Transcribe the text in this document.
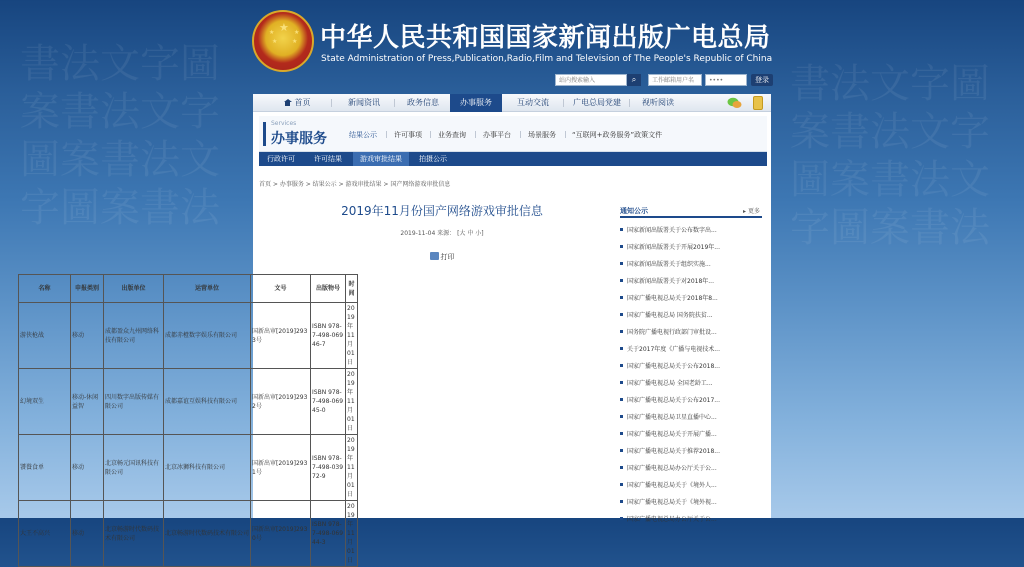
書法文字圖案書法文字圖案書法文字圖案書法
書法文字圖案書法文字圖案書法文字圖案書法
★
★	★
★ ★ 中华人民共和国国家新闻出版广电总局
State Administration of Press,Publication,Radio,Film and Television of The People's Republic of China
站内搜索输入	⌕	工作邮箱用户名	••••	登录
首页	新闻资讯	政务信息	办事服务	互动交流	广电总局党建	视听阅读
Services
办事服务	结果公示 许可事项 业务查询 办事平台 场景服务 “互联网+政务服务”政策文件
行政许可	许可结果	游戏审批结果	拍摄公示
首页 > 办事服务 > 结果公示 > 游戏审批结果 > 国产网络游戏审批信息
2019年11月份国产网络游戏审批信息
2019-11-04 来源： [大 中 小]
打印
通知公示	▸ 更多
国家新闻出版署关于公布数字出...
国家新闻出版署关于开展2019年...
国家新闻出版署关于组织实施...
国家新闻出版署关于对2018年...
国家广播电视总局关于2018年8...
国家广播电视总局 国务院扶贫...
国务院广播电视行政部门审批设...
关于2017年度《广播与电视技术...
国家广播电视总局关于公布2018...
国家广播电视总局 全国老龄工...
国家广播电视总局关于公布2017...
国家广播电视总局卫星直播中心...
国家广播电视总局关于开展广播...
国家广播电视总局关于推荐2018...
国家广播电视总局办公厅关于公...
国家广播电视总局关于《境外人...
国家广播电视总局关于《境外视...
国家广播电视总局办公厅关于公...
名称	申报类别	出版单位	运营单位	文号	出版物号	时间
游侠枪战	移动	成都盈众九州网络科技有限公司	成都赤橙数字娱乐有限公司	国新出审[2019]2933号	ISBN 978-7-498-06946-7	2019年11月01日
幻境双生	移动-休闲益智	四川数字出版传媒有限公司	成都嘉谊互娱科技有限公司	国新出审[2019]2932号	ISBN 978-7-498-06945-0	2019年11月01日
饕餮食单	移动	北京畅元国讯科技有限公司	北京冰狮科技有限公司	国新出审[2019]2931号	ISBN 978-7-498-03972-9	2019年11月01日
大王不高兴	移动	北京畅游时代数码技术有限公司	北京畅游时代数码技术有限公司	国新出审[2019]2930号	ISBN 978-7-498-06944-3	2019年11月01日
